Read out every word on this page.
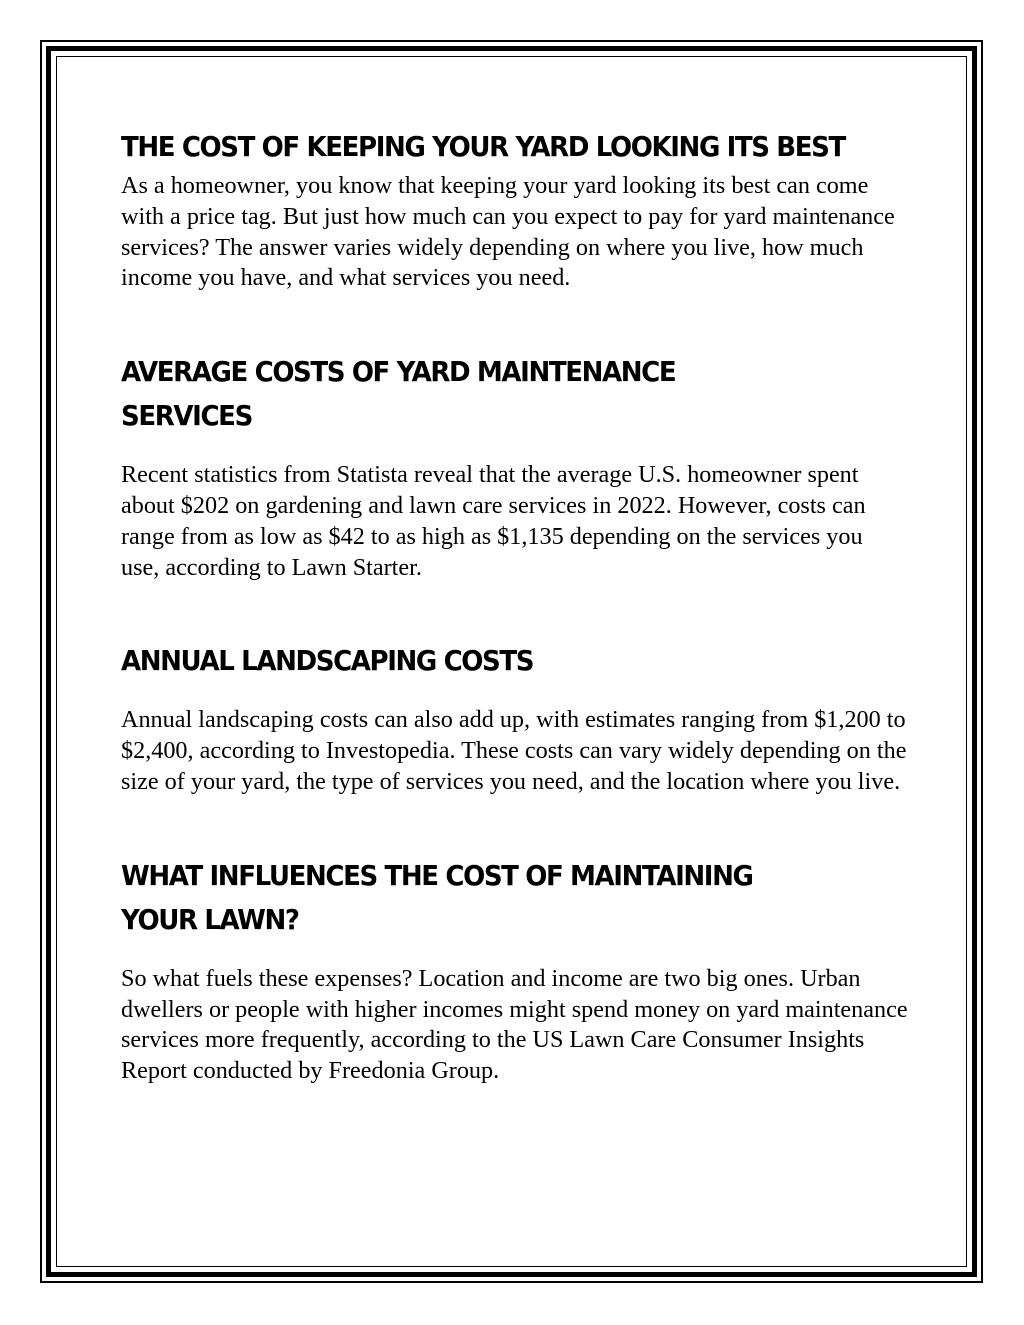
THE COST OF KEEPING YOUR YARD LOOKING ITS BEST

As a homeowner, you know that keeping your yard looking its best can come with a price tag. But just how much can you expect to pay for yard maintenance services? The answer varies widely depending on where you live, how much income you have, and what services you need.

AVERAGE COSTS OF YARD MAINTENANCE SERVICES

Recent statistics from Statista reveal that the average U.S. homeowner spent about $202 on gardening and lawn care services in 2022. However, costs can range from as low as $42 to as high as $1,135 depending on the services you use, according to Lawn Starter.

ANNUAL LANDSCAPING COSTS

Annual landscaping costs can also add up, with estimates ranging from $1,200 to $2,400, according to Investopedia. These costs can vary widely depending on the size of your yard, the type of services you need, and the location where you live.

WHAT INFLUENCES THE COST OF MAINTAINING YOUR LAWN?

So what fuels these expenses? Location and income are two big ones. Urban dwellers or people with higher incomes might spend money on yard maintenance services more frequently, according to the US Lawn Care Consumer Insights Report conducted by Freedonia Group.
